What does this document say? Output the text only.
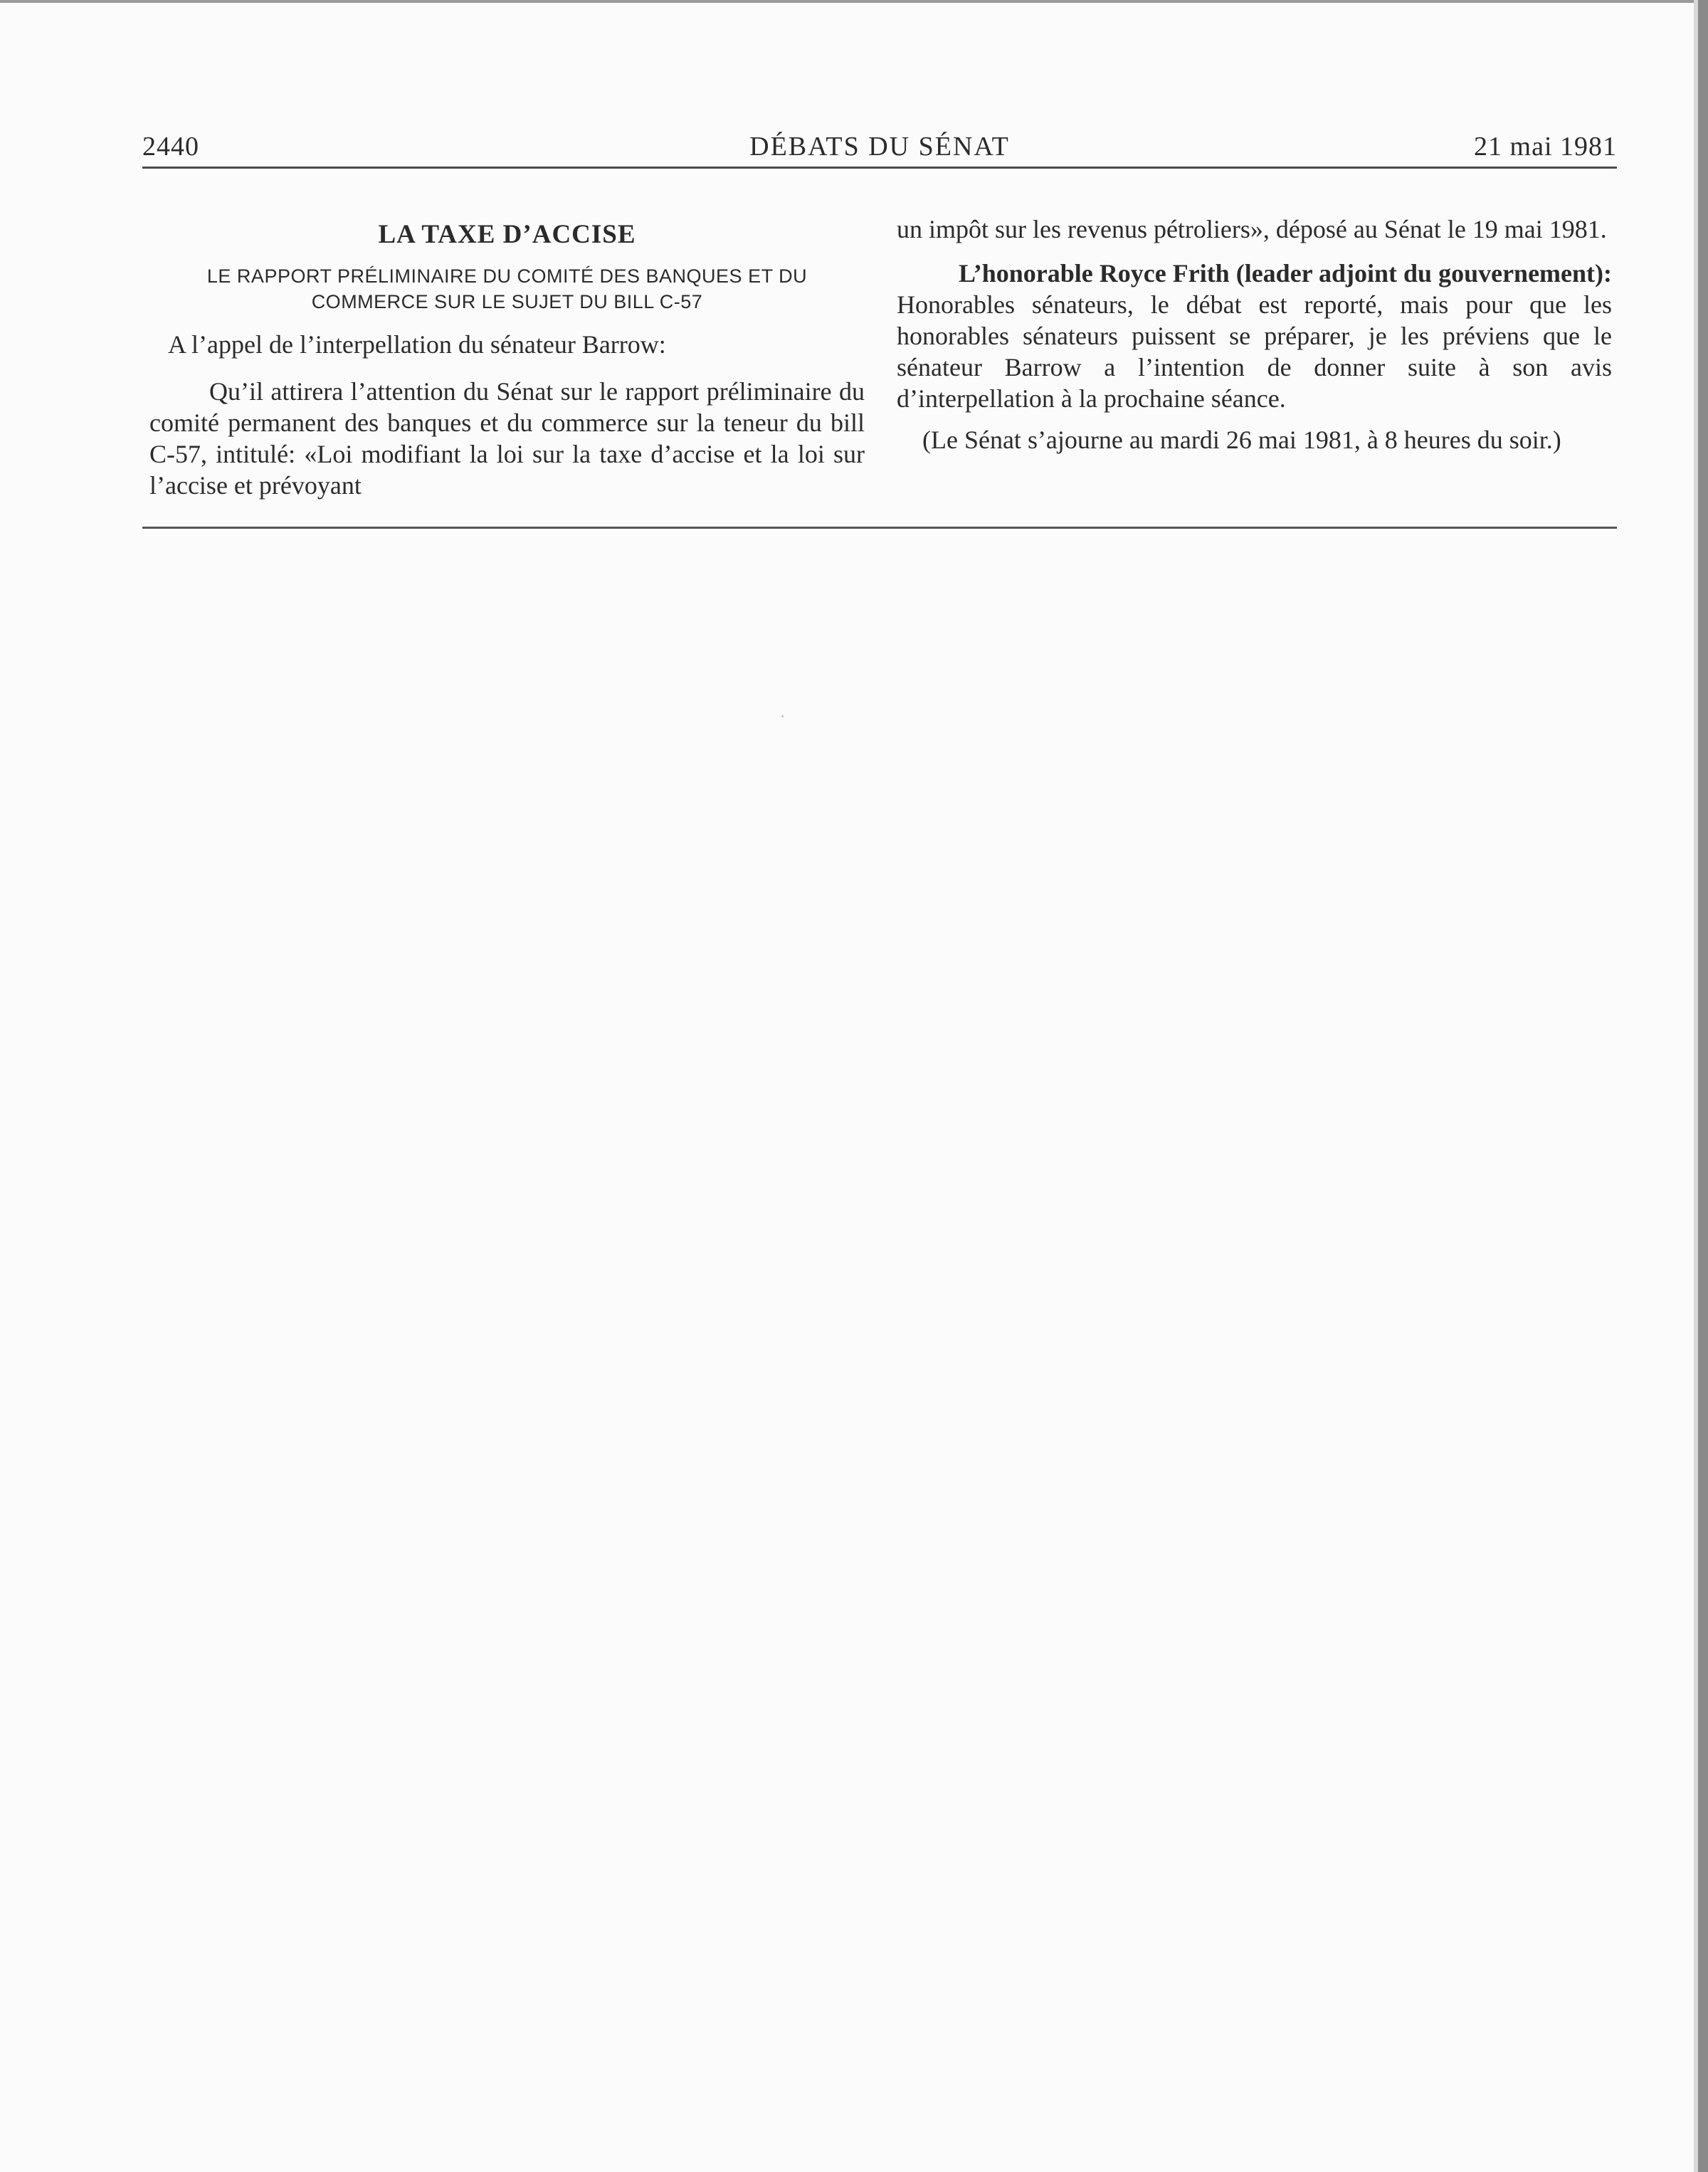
2440	DÉBATS DU SÉNAT	21 mai 1981
LA TAXE D’ACCISE
LE RAPPORT PRÉLIMINAIRE DU COMITÉ DES BANQUES ET DU
COMMERCE SUR LE SUJET DU BILL C-57

A l’appel de l’interpellation du sénateur Barrow:

Qu’il attirera l’attention du Sénat sur le rapport préliminaire du comité permanent des banques et du commerce sur la teneur du bill C-57, intitulé: «Loi modifiant la loi sur la taxe d’accise et la loi sur l’accise et prévoyant

un impôt sur les revenus pétroliers», déposé au Sénat le 19 mai 1981.

L’honorable Royce Frith (leader adjoint du gouvernement):

Honorables sénateurs, le débat est reporté, mais pour que les honorables sénateurs puissent se préparer, je les préviens que le sénateur Barrow a l’intention de donner suite à son avis d’interpellation à la prochaine séance.

(Le Sénat s’ajourne au mardi 26 mai 1981, à 8 heures du soir.)
